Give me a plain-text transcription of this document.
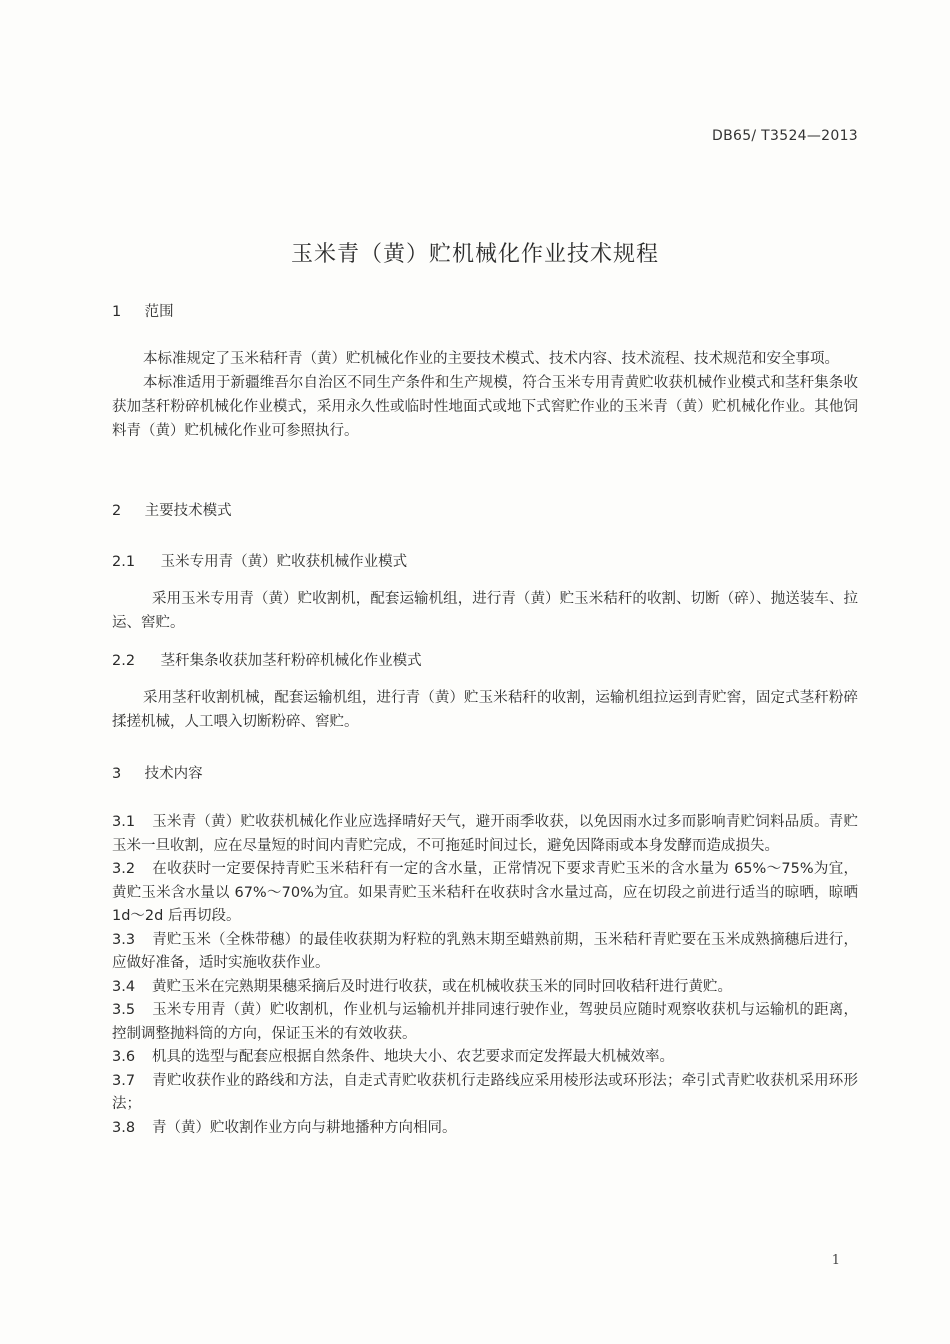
DB65/ T3524—2013
玉米青（黄）贮机械化作业技术规程
1 范围

本标准规定了玉米秸秆青（黄）贮机械化作业的主要技术模式、技术内容、技术流程、技术规范和安全事项。

本标准适用于新疆维吾尔自治区不同生产条件和生产规模，符合玉米专用青黄贮收获机械作业模式和茎秆集条收获加茎秆粉碎机械化作业模式，采用永久性或临时性地面式或地下式窖贮作业的玉米青（黄）贮机械化作业。其他饲料青（黄）贮机械化作业可参照执行。

2 主要技术模式
2.1 玉米专用青（黄）贮收获机械作业模式

采用玉米专用青（黄）贮收割机，配套运输机组，进行青（黄）贮玉米秸秆的收割、切断（碎）、抛送装车、拉运、窖贮。

2.2 茎秆集条收获加茎秆粉碎机械化作业模式

采用茎秆收割机械，配套运输机组，进行青（黄）贮玉米秸秆的收割，运输机组拉运到青贮窖，固定式茎秆粉碎揉搓机械，人工喂入切断粉碎、窖贮。

3 技术内容

3.1 玉米青（黄）贮收获机械化作业应选择晴好天气，避开雨季收获，以免因雨水过多而影响青贮饲料品质。青贮玉米一旦收割，应在尽量短的时间内青贮完成，不可拖延时间过长，避免因降雨或本身发酵而造成损失。

3.2 在收获时一定要保持青贮玉米秸秆有一定的含水量，正常情况下要求青贮玉米的含水量为 65%～75%为宜，黄贮玉米含水量以 67%～70%为宜。如果青贮玉米秸秆在收获时含水量过高，应在切段之前进行适当的晾晒，晾晒 1d～2d 后再切段。

3.3 青贮玉米（全株带穗）的最佳收获期为籽粒的乳熟末期至蜡熟前期，玉米秸秆青贮要在玉米成熟摘穗后进行，应做好准备，适时实施收获作业。

3.4 黄贮玉米在完熟期果穗采摘后及时进行收获，或在机械收获玉米的同时回收秸秆进行黄贮。

3.5 玉米专用青（黄）贮收割机，作业机与运输机并排同速行驶作业，驾驶员应随时观察收获机与运输机的距离，控制调整抛料筒的方向，保证玉米的有效收获。

3.6 机具的选型与配套应根据自然条件、地块大小、农艺要求而定发挥最大机械效率。

3.7 青贮收获作业的路线和方法，自走式青贮收获机行走路线应采用棱形法或环形法；牵引式青贮收获机采用环形法；

3.8 青（黄）贮收割作业方向与耕地播种方向相同。

1
